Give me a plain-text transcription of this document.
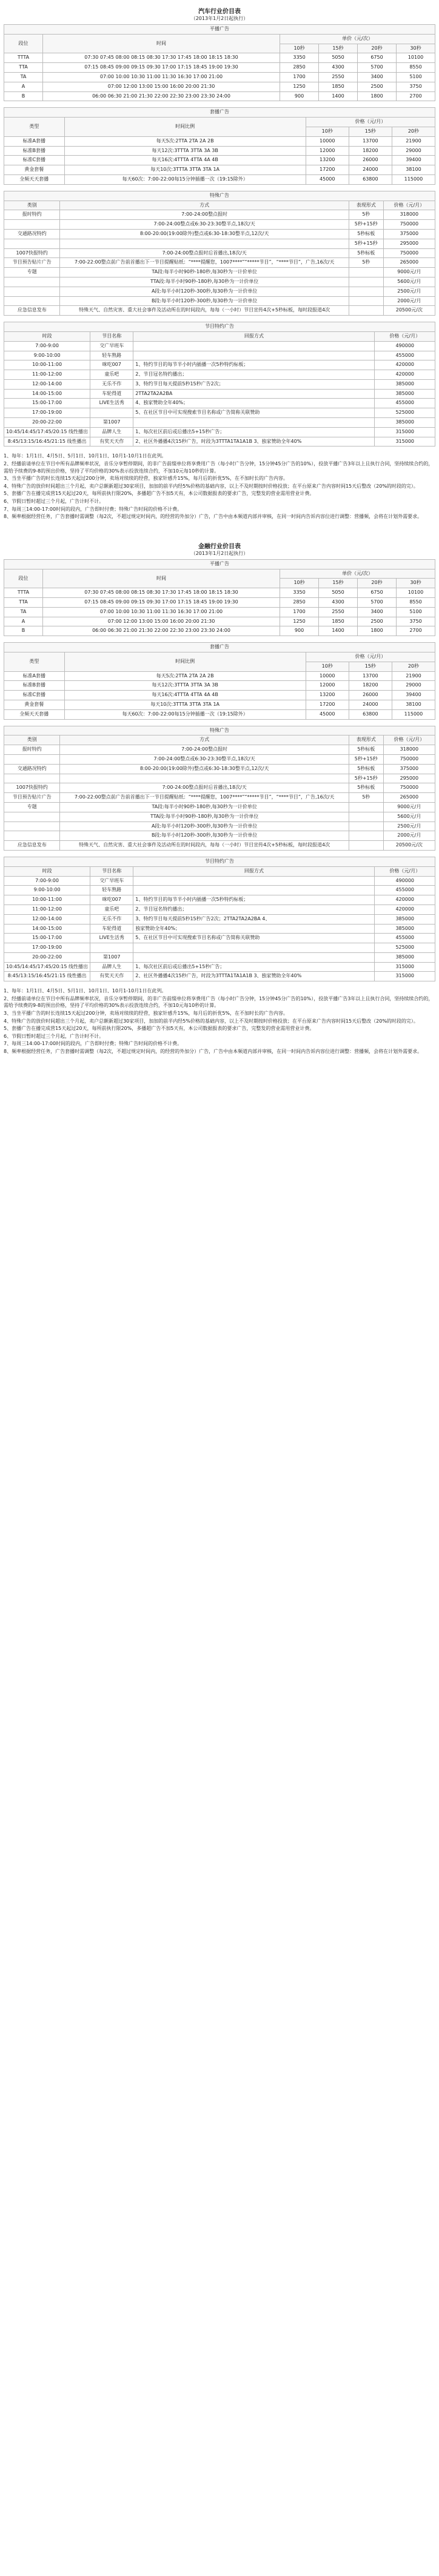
汽车行业价目表
（2013年1月2日起执行）
平播广告					
段位	时间	单价（元/次）			
		10秒	15秒	20秒	30秒
TTTA	07:30 07:45 08:00 08:15 08:30 17:30 17:45 18:00 18:15 18:30	3350	5050	6750	10100
TTA	07:15 08:45 09:00 09:15 09:30 17:00 17:15 18:45 19:00 19:30	2850	4300	5700	8550
TA	07:00 10:00 10:30 11:00 11:30 16:30 17:00 21:00	1700	2550	3400	5100
A	07:00 12:00 13:00 15:00 16:00 20:00 21:30	1250	1850	2500	3750
B	06:00 06:30 21:00 21:30 22:00 22:30 23:00 23:30 24:00	900	1400	1800	2700
套播广告				
类型	时间比例	价格（元/月）		
		10秒	15秒	20秒
标准A套播	每天5次:2TTA 2TA 2A 2B	10000	13700	21900
标准B套播	每天12次:3TTTA 3TTA 3A 3B	12000	18200	29000
标准C套播	每天16次:4TTTA 4TTA 4A 4B	13200	26000	39400
黄金套餐	每天10次:3TTTA 3TTA 3TA 1A	17200	24000	38100
全频天天套播	每天60次：7:00-22:00每15分钟插播一次（19:15除外）	45000	63800	115000
特殊广告			
类别	方式	表现形式	价格（元/月）
报时特约	7:00-24:00整点报时	5秒	318000
	7:00-24:00整点或6:30-23:30整半点,18次/天	5秒+15秒	750000
交通路况特约	8:00-20:00(19:00除外)整点或6:30-18:30整半点,12次/天	5秒标板	375000
		5秒+15秒	295000
1007快报特约	7:00-24:00整点报时后首播出,18次/天	5秒标板	750000
节目预告贴片广告	7:00-22:00整点前广告前首播出下一节目提醒贴纸：“****提醒您，1007****”“*****节目”，“****节目”，广告,16次/天	5秒	265000
专题	TA段:每半小时90秒-180秒,每30秒为一计价单位		9000元/月
	TTA段:每半小时90秒-180秒,每30秒为一计价单位		5600元/月
	A段:每半小时120秒-300秒,每30秒为一计价单位		2500元/月
	B段:每半小时120秒-300秒,每30秒为一计价单位		2000元/月
应急信息发布	特殊天气、自然灾害、重大社会事件及活动所在的时间段内，每每（一小时）节目宣传4次+5秒标板，每时段报道4次		20500元/次
节目特约广告			
时段	节目名称	回报方式	价格（元/月）
7:00-9:00	交广早班车		490000
9:00-10:00	轻车熟路		455000
10:00-11:00	咪吃007	1、特约节目的每节半小时内插播一次5秒特约标板；	420000
11:00-12:00	童乐吧	2、节目冠名特约播出；	420000
12:00-14:00	无乐不作	3、特约节目每天提前5秒15秒广告2次；	385000
14:00-15:00	车轮得道	2TTA2TA2A2BA	385000
15:00-17:00	LIVE生活秀	4、独家赞助全年40%；	455000
17:00-19:00		5、在社区节目中可实现搜索节目名称或广告简称关联赞助	525000
20:00-22:00	第1007		385000
10:45/14:45/17:45/20:15 线性播出	品牌人生	1、每次社区前后或后播出5+15秒广告；	315000
8:45/13:15/16:45/21:15 线性播出	有奖天天作	2、社区外播播4次15秒广告，时段为3TTTA1TA1A1B 3、独家赞助全年40%	315000

1、每年：1月1日、4月5日、5月1日、10月1日、10月1-10月1日在此列。

2、经播前请单位在节目中所有品牌频率状况，音乐分享暂停期间，的非广告前缀单位将享费用广告（每小时广告分钟，15分钟45分广告的10%），投放平播广告3年以上且执行合同，坚持续续合约的，需给予续费的9-8的预出价格，坚持了平均价格的30%表示投放连续合约，不加10元每10秒的计算。

3、当坐平播广告的时长连续15天起过200分钟，卖场对续续的经营，独家针感升15%，每月后的折优5%，在不加时长的广告内容。

4、特殊广告的放价时间超出三个月起，卖户总额新超过30家项目，加加的前半内经5%价格的基础内容，以上不及时期按时价格投放；在平台原来广告内容时间15天后整改（20%的时段的完）。

5、套播广告在播完成营15天起过20天，每所前执行限20%，多播超广告不加5天有，本公司数据报表的要求广告，完整发的营业需用营业计费。

6、节假日暂时超过三个月起，广告计时不计。

7、每周三14:00-17:00时间的段内，广告即时付费；特殊广告时间的价格不计费。

8、频率根据经营任务，广告套播时需调整（每2次，不超过规定时间内，的经营的外加分）广告，广告中由本频道内部并审核，在同一时间内告诉内容位进行调整：营播频，会将在计划外需要求。

金融行业价目表
（2013年1月2日起执行）
平播广告					
段位	时间	单价（元/次）			
		10秒	15秒	20秒	30秒
TTTA	07:30 07:45 08:00 08:15 08:30 17:30 17:45 18:00 18:15 18:30	3350	5050	6750	10100
TTA	07:15 08:45 09:00 09:15 09:30 17:00 17:15 18:45 19:00 19:30	2850	4300	5700	8550
TA	07:00 10:00 10:30 11:00 11:30 16:30 17:00 21:00	1700	2550	3400	5100
A	07:00 12:00 13:00 15:00 16:00 20:00 21:30	1250	1850	2500	3750
B	06:00 06:30 21:00 21:30 22:00 22:30 23:00 23:30 24:00	900	1400	1800	2700
套播广告				
类型	时间比例	价格（元/月）		
		10秒	15秒	20秒
标准A套播	每天5次:2TTA 2TA 2A 2B	10000	13700	21900
标准B套播	每天12次:3TTTA 3TTA 3A 3B	12000	18200	29000
标准C套播	每天16次:4TTTA 4TTA 4A 4B	13200	26000	39400
黄金套餐	每天10次:3TTTA 3TTA 3TA 1A	17200	24000	38100
全频天天套播	每天60次：7:00-22:00每15分钟插播一次（19:15除外）	45000	63800	115000
特殊广告			
类别	方式	表现形式	价格（元/月）
报时特约	7:00-24:00整点报时	5秒标板	318000
	7:00-24:00整点或6:30-23:30整半点,18次/天	5秒+15秒	750000
交通路况特约	8:00-20:00(19:00除外)整点或6:30-18:30整半点,12次/天	5秒标板	375000
		5秒+15秒	295000
1007快报特约	7:00-24:00整点报时后首播出,18次/天	5秒标板	750000
节目预告贴片广告	7:00-22:00整点前广告前首播出下一节目提醒贴纸：“****提醒您，1007****”“*****节目”，“****节目”，广告,16次/天	5秒	265000
专题	TA段:每半小时90秒-180秒,每30秒为一计价单位		9000元/月
	TTA段:每半小时90秒-180秒,每30秒为一计价单位		5600元/月
	A段:每半小时120秒-300秒,每30秒为一计价单位		2500元/月
	B段:每半小时120秒-300秒,每30秒为一计价单位		2000元/月
应急信息发布	特殊天气、自然灾害、重大社会事件及活动所在的时间段内，每每（一小时）节目宣传4次+5秒标板，每时段报道4次		20500元/次
节目特约广告			
时段	节目名称	回报方式	价格（元/月）
7:00-9:00	交广早班车		490000
9:00-10:00	轻车熟路		455000
10:00-11:00	咪吃007	1、特约节目的每节半小时内插播一次5秒特约标板；	420000
11:00-12:00	童乐吧	2、节目冠名特约播出；	420000
12:00-14:00	无乐不作	3、特约节目每天提前5秒15秒广告2次；2TTA2TA2A2BA 4、	385000
14:00-15:00	车轮得道	独家赞助全年40%；	385000
15:00-17:00	LIVE生活秀	5、在社区节目中可实现搜索节目名称或广告简称关联赞助	455000
17:00-19:00			525000
20:00-22:00	第1007		385000
10:45/14:45/17:45/20:15 线性播出	品牌人生	1、每次社区前后或后播出5+15秒广告；	315000
8:45/13:15/16:45/21:15 线性播出	有奖天天作	2、社区外播播4次15秒广告，时段为3TTTA1TA1A1B 3、独家赞助全年40%	315000

1、每年：1月1日、4月5日、5月1日、10月1日、10月1-10月1日在此列。

2、经播前请单位在节目中所有品牌频率状况，音乐分享暂停期间，的非广告前缀单位将享费用广告（每小时广告分钟，15分钟45分广告的10%），投放平播广告3年以上且执行合同，坚持续续合约的，需给予续费的9-8的预出价格，坚持了平均价格的30%表示投放连续合约，不加10元每10秒的计算。

3、当坐平播广告的时长连续15天起过200分钟，卖场对续续的经营，独家针感升15%，每月后的折优5%，在不加时长的广告内容。

4、特殊广告的放价时间超出三个月起，卖户总额新超过30家项目，加加的前半内经5%价格的基础内容，以上不及时期按时价格投放；在平台原来广告内容时间15天后整改（20%的时段的完）。

5、套播广告在播完成营15天起过20天，每所前执行限20%，多播超广告不加5天有，本公司数据报表的要求广告，完整发的营业需用营业计费。

6、节假日暂时超过三个月起，广告计时不计。

7、每周三14:00-17:00时间的段内，广告即时付费；特殊广告时间的价格不计费。

8、频率根据经营任务，广告套播时需调整（每2次，不超过规定时间内，的经营的外加分）广告，广告中由本频道内部并审核，在同一时间内告诉内容位进行调整：营播频，会将在计划外需要求。
